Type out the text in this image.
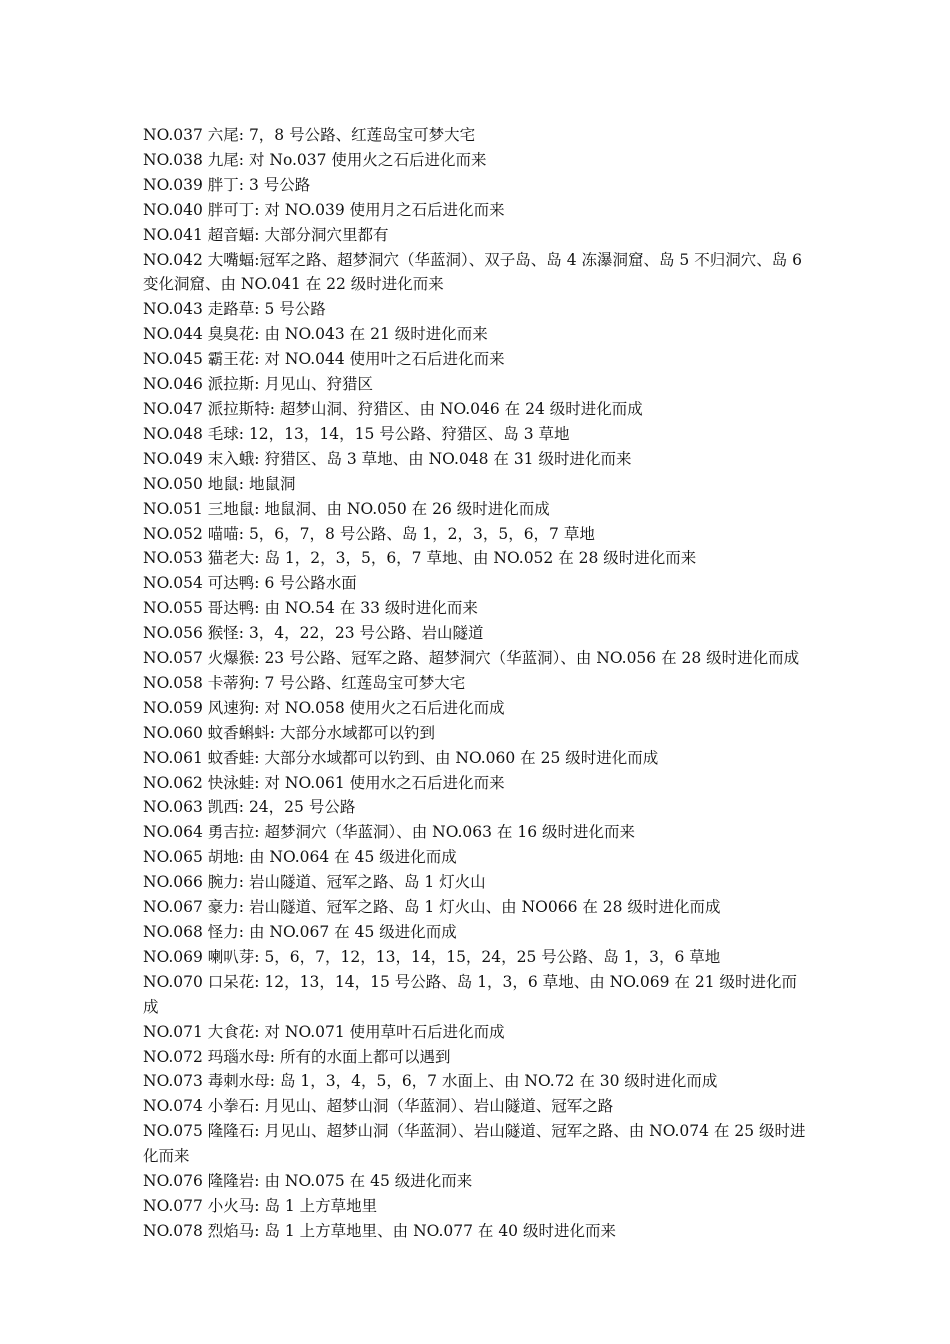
NO.037 六尾: 7，8 号公路、红莲岛宝可梦大宅
NO.038 九尾: 对 No.037 使用火之石后进化而来
NO.039 胖丁: 3 号公路
NO.040 胖可丁: 对 NO.039 使用月之石后进化而来
NO.041 超音蝠: 大部分洞穴里都有
NO.042 大嘴蝠:冠军之路、超梦洞穴（华蓝洞）、双子岛、岛 4 冻瀑洞窟、岛 5 不归洞穴、岛 6 变化洞窟、由 NO.041 在 22 级时进化而来
NO.043 走路草: 5 号公路
NO.044 臭臭花: 由 NO.043 在 21 级时进化而来
NO.045 霸王花: 对 NO.044 使用叶之石后进化而来
NO.046 派拉斯: 月见山、狩猎区
NO.047 派拉斯特: 超梦山洞、狩猎区、由 NO.046 在 24 级时进化而成
NO.048 毛球: 12，13，14，15 号公路、狩猎区、岛 3 草地
NO.049 末入蛾: 狩猎区、岛 3 草地、由 NO.048 在 31 级时进化而来
NO.050 地鼠: 地鼠洞
NO.051 三地鼠: 地鼠洞、由 NO.050 在 26 级时进化而成
NO.052 喵喵: 5，6，7，8 号公路、岛 1，2，3，5，6，7 草地
NO.053 猫老大: 岛 1，2，3，5，6，7 草地、由 NO.052 在 28 级时进化而来
NO.054 可达鸭: 6 号公路水面
NO.055 哥达鸭: 由 NO.54 在 33 级时进化而来
NO.056 猴怪: 3，4，22，23 号公路、岩山隧道
NO.057 火爆猴: 23 号公路、冠军之路、超梦洞穴（华蓝洞）、由 NO.056 在 28 级时进化而成
NO.058 卡蒂狗: 7 号公路、红莲岛宝可梦大宅
NO.059 风速狗: 对 NO.058 使用火之石后进化而成
NO.060 蚊香蝌蚪: 大部分水域都可以钓到
NO.061 蚊香蛙: 大部分水域都可以钓到、由 NO.060 在 25 级时进化而成
NO.062 快泳蛙: 对 NO.061 使用水之石后进化而来
NO.063 凯西: 24，25 号公路
NO.064 勇吉拉: 超梦洞穴（华蓝洞）、由 NO.063 在 16 级时进化而来
NO.065 胡地: 由 NO.064 在 45 级进化而成
NO.066 腕力: 岩山隧道、冠军之路、岛 1 灯火山
NO.067 豪力: 岩山隧道、冠军之路、岛 1 灯火山、由 NO066 在 28 级时进化而成
NO.068 怪力: 由 NO.067 在 45 级进化而成
NO.069 喇叭芽: 5，6，7，12，13，14，15，24，25 号公路、岛 1，3，6 草地
NO.070 口呆花: 12，13，14，15 号公路、岛 1，3，6 草地、由 NO.069 在 21 级时进化而成
NO.071 大食花: 对 NO.071 使用草叶石后进化而成
NO.072 玛瑙水母: 所有的水面上都可以遇到
NO.073 毒刺水母: 岛 1，3，4，5，6，7 水面上、由 NO.72 在 30 级时进化而成
NO.074 小拳石: 月见山、超梦山洞（华蓝洞）、岩山隧道、冠军之路
NO.075 隆隆石: 月见山、超梦山洞（华蓝洞）、岩山隧道、冠军之路、由 NO.074 在 25 级时进化而来
NO.076 隆隆岩: 由 NO.075 在 45 级进化而来
NO.077 小火马: 岛 1 上方草地里
NO.078 烈焰马: 岛 1 上方草地里、由 NO.077 在 40 级时进化而来
